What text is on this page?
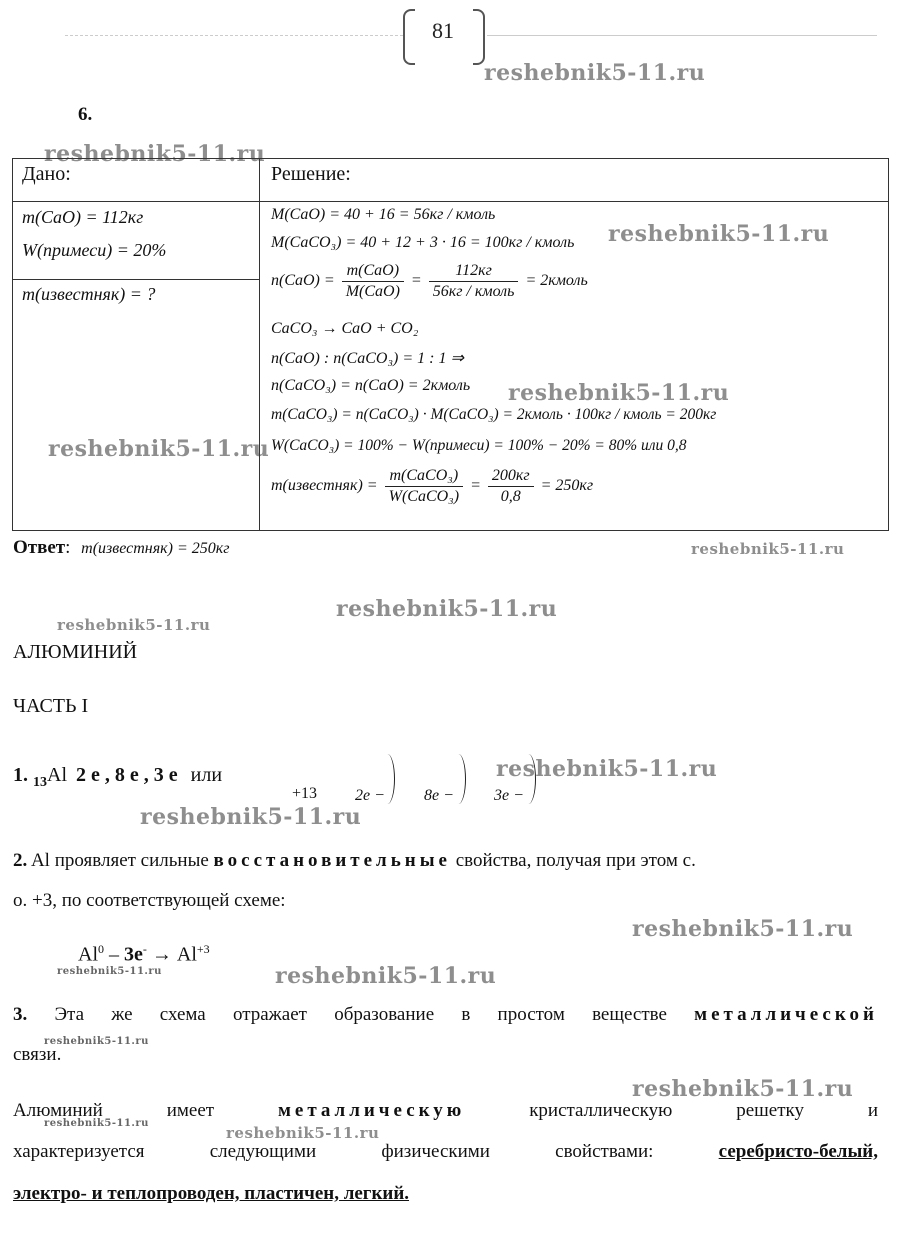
81
reshebnik5-11.ru
reshebnik5-11.ru
reshebnik5-11.ru
reshebnik5-11.ru
reshebnik5-11.ru
reshebnik5-11.ru
reshebnik5-11.ru
reshebnik5-11.ru
reshebnik5-11.ru
reshebnik5-11.ru
reshebnik5-11.ru
reshebnik5-11.ru	reshebnik5-11.ru
reshebnik5-11.ru
reshebnik5-11.ru
reshebnik5-11.ru
reshebnik5-11.ru
6.
Дано:	Решение:
m(CaO) = 112кг
W(примеси) = 20%
m(известняк) = ?
M(CaO) = 40 + 16 = 56кг / кмоль
M(CaCO₃) = 40 + 12 + 3 · 16 = 100кг / кмоль
$n(CaO) = \frac{\text{m(CaO)}}{\text{M(CaO)}} = \frac{112кг}{\text{56кг / кмоль}}$ = 2кмоль
CaCO₃ → CaO + CO₂
n(CaO) : n(CaCO₃) = 1 : 1 ⇒
n(CaCO₃) = n(CaO) = 2кмоль
m(CaCO₃) = n(CaCO₃) · M(CaCO₃) = 2кмоль · 100кг / кмоль = 200кг
W(CaCO₃) = 100% − W(примеси) = 100% − 20% = 80% или 0,8
m(известняк) = $\frac{\text{m(CaCO₃)}}{\text{W(CaCO₃)}} = \frac{200кг}{0,8} = 250кг$
Ответ: m(известняк) = 250кг
АЛЮМИНИЙ
ЧАСТЬ I
1. $_{13}$Al 2 е , 8 е , 3 е или
+13 2е − 8е −	3е −
2. Al проявляет сильные восстановительные свойства, получая при этом с.
о. +3, по соответствующей схеме:
$Al^0 - 3е^- \to Al^{+3}$
3. Эта же схема отражает образование в простом веществе металлической
связи.
Алюминий	имеет	металлическую	кристаллическую	решетку	и
характеризуется	следующими	физическими	свойствами:	серебристо-белый,
электро- и теплопроводен, пластичен, легкий.
